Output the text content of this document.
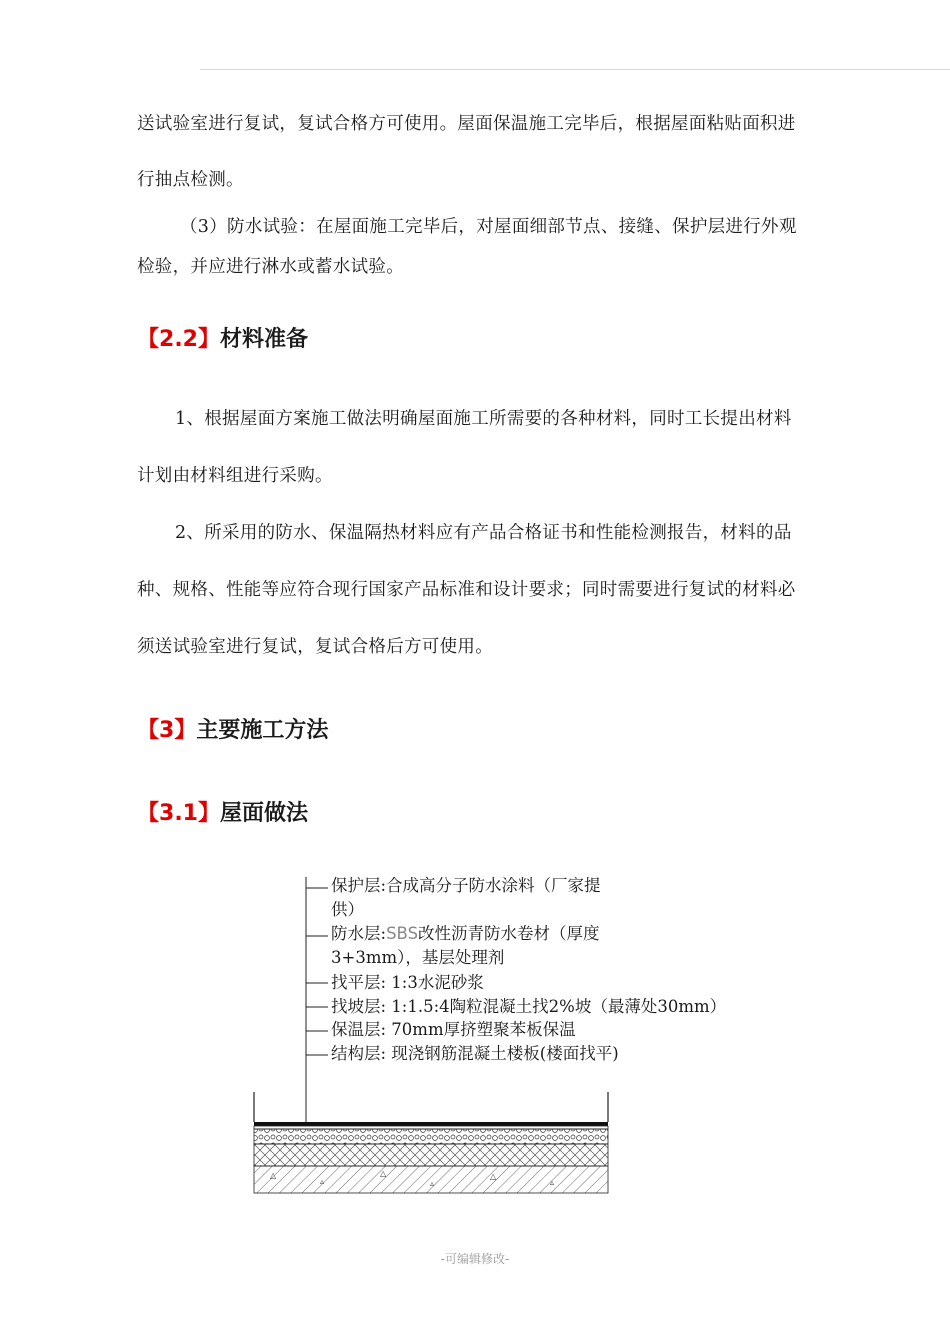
送试验室进行复试，复试合格方可使用。屋面保温施工完毕后，根据屋面粘贴面积进
行抽点检测。
（3）防水试验：在屋面施工完毕后，对屋面细部节点、接缝、保护层进行外观
检验，并应进行淋水或蓄水试验。
【2.2】材料准备
1、根据屋面方案施工做法明确屋面施工所需要的各种材料，同时工长提出材料
计划由材料组进行采购。
2、所采用的防水、保温隔热材料应有产品合格证书和性能检测报告，材料的品
种、规格、性能等应符合现行国家产品标准和设计要求；同时需要进行复试的材料必
须送试验室进行复试，复试合格后方可使用。
【3】主要施工方法
【3.1】屋面做法
△
▵
△
▵
△
▵
保护层:合成高分子防水涂料（厂家提
供）
防水层:SBS改性沥青防水卷材（厚度
3+3mm），基层处理剂
找平层: 1:3水泥砂浆
找坡层: 1:1.5:4陶粒混凝土找2%坡（最薄处30mm）
保温层: 70mm厚挤塑聚苯板保温
结构层: 现浇钢筋混凝土楼板(楼面找平)
-可编辑修改-
